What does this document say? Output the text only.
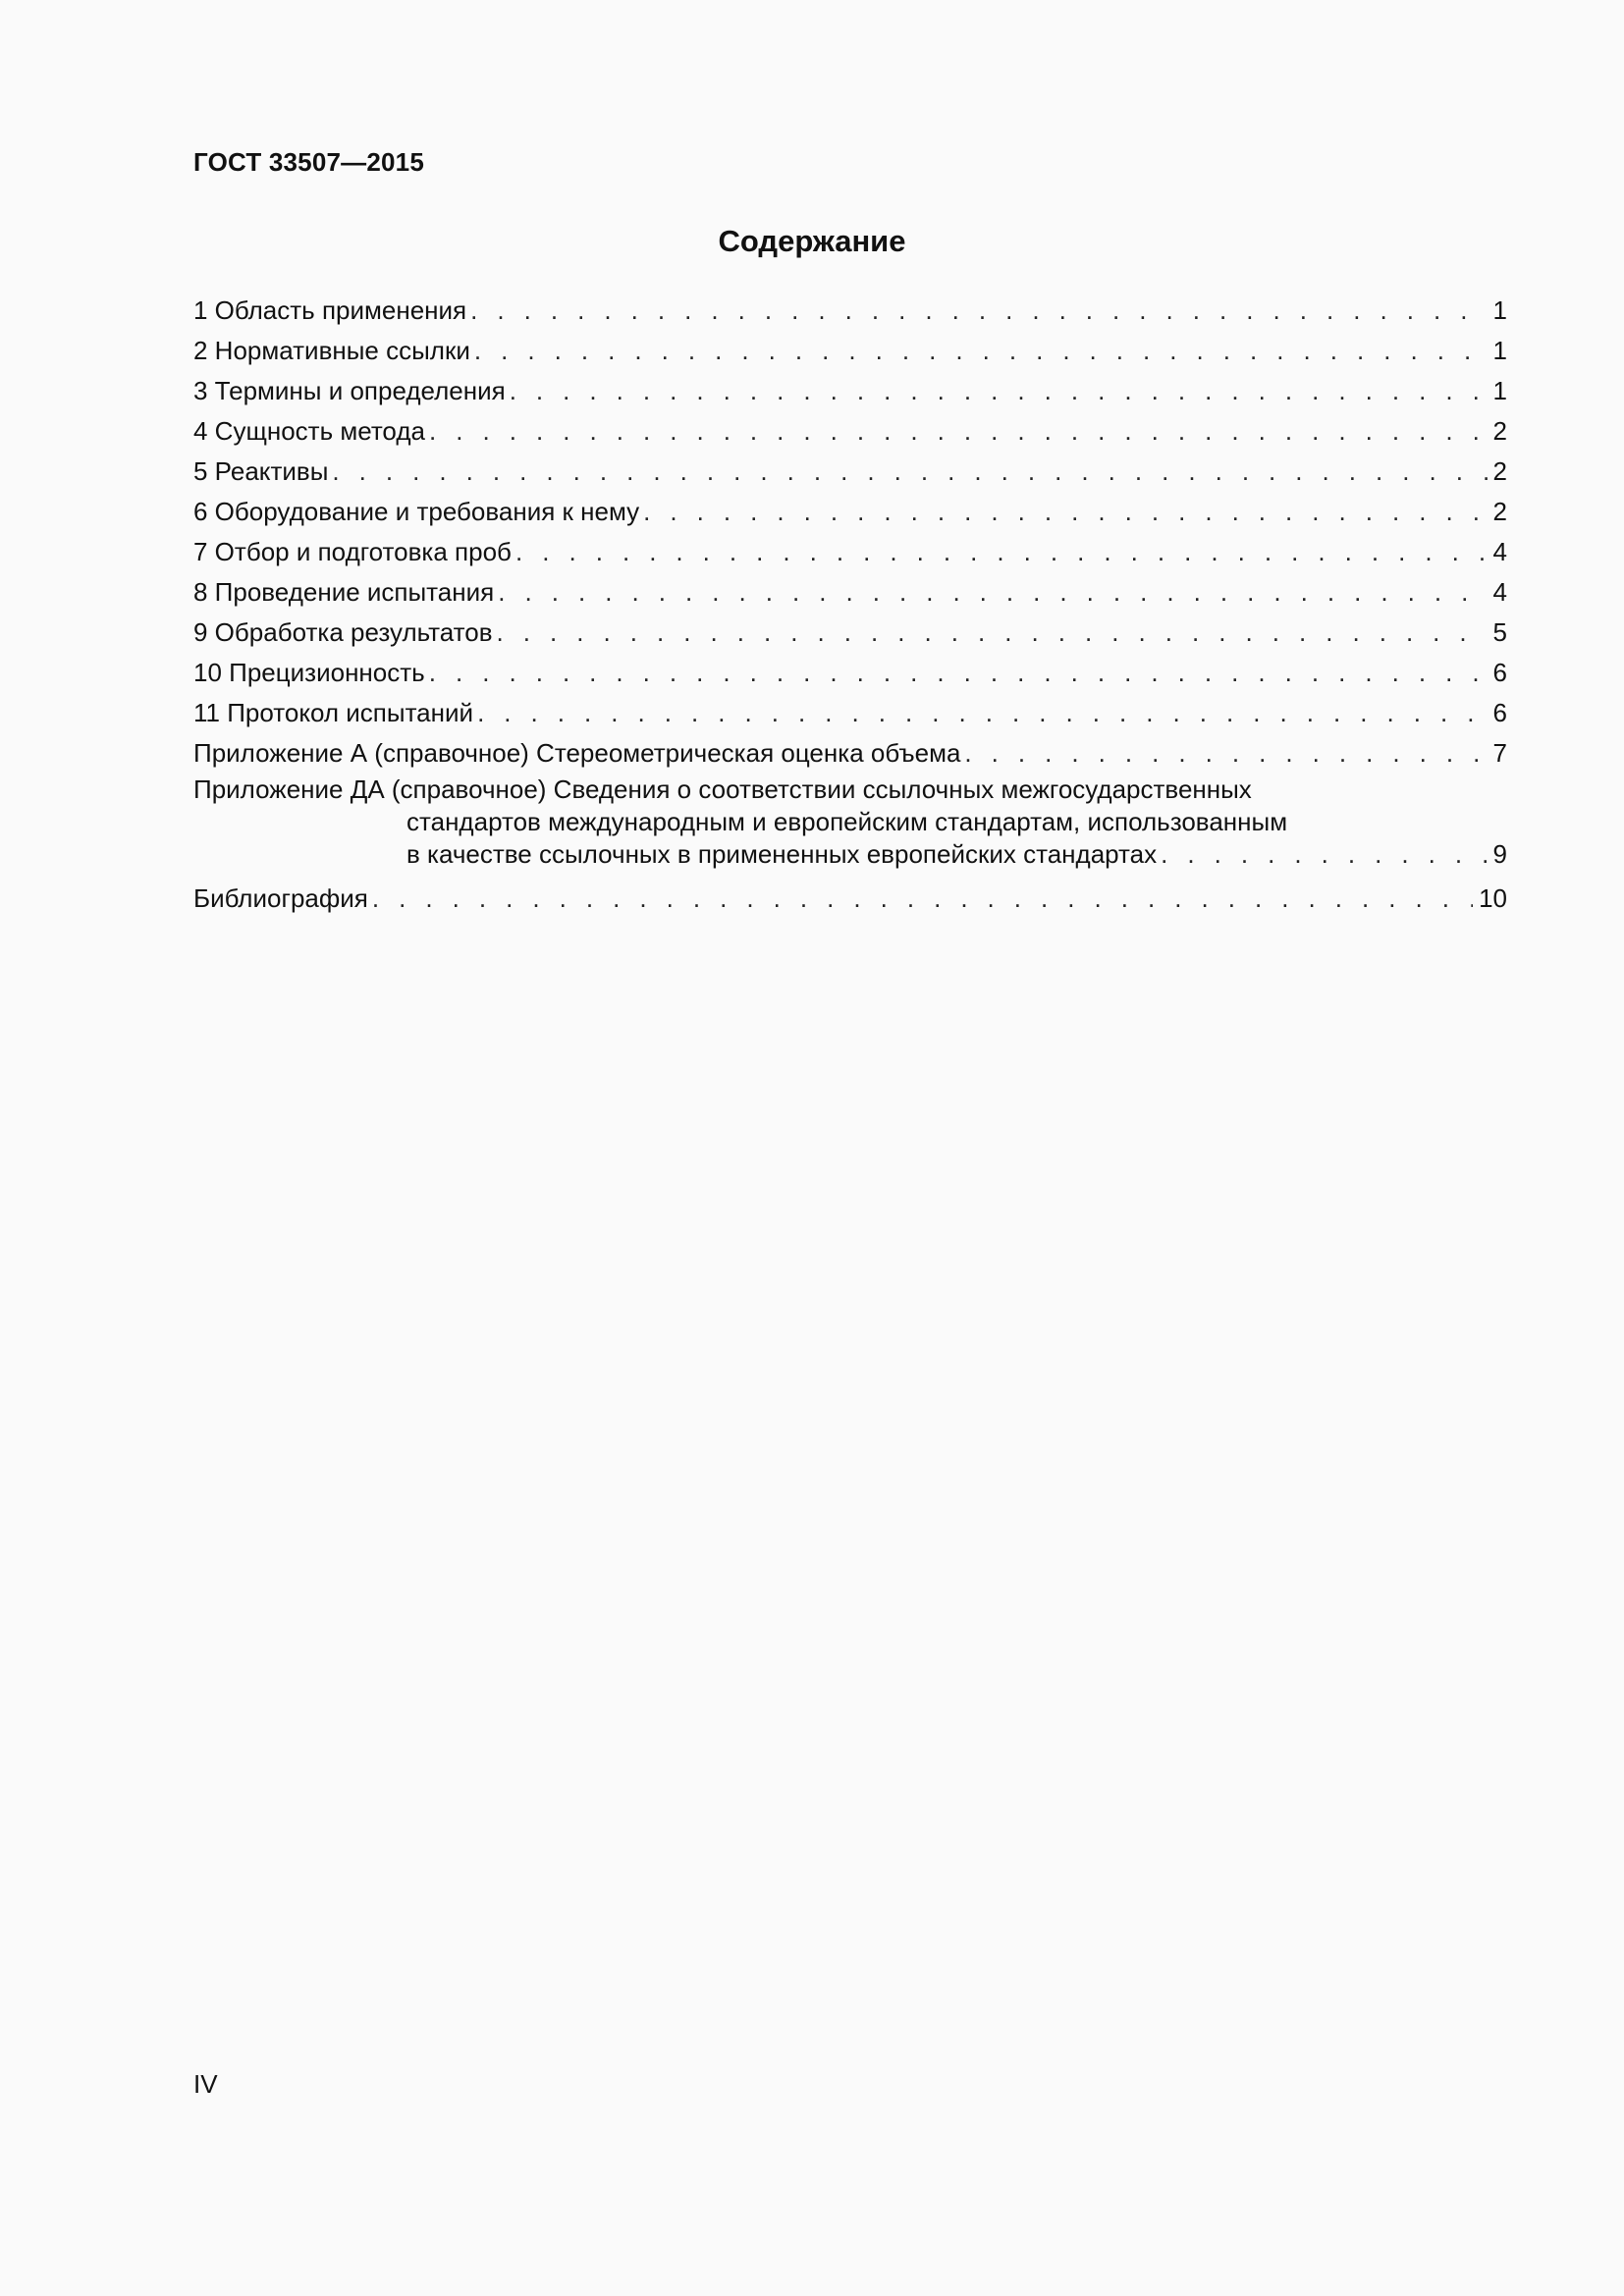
ГОСТ 33507—2015
Содержание
1 Область применения . . .	1
2 Нормативные ссылки . . .	1
3 Термины и определения . . .	1
4 Сущность метода . . .	2
5 Реактивы . . .	2
6 Оборудование и требования к нему . . .	2
7 Отбор и подготовка проб . . .	4
8 Проведение испытания . . .	4
9 Обработка результатов . . .	5
10 Прецизионность . . .	6
11 Протокол испытаний . . .	6
Приложение А (справочное) Стереометрическая оценка объема . . .	7
Приложение ДА (справочное) Сведения о соответствии ссылочных межгосударственных
стандартов международным и европейским стандартам, использованным
в качестве ссылочных в примененных европейских стандартах . . .	9
Библиография . . .	10
IV
